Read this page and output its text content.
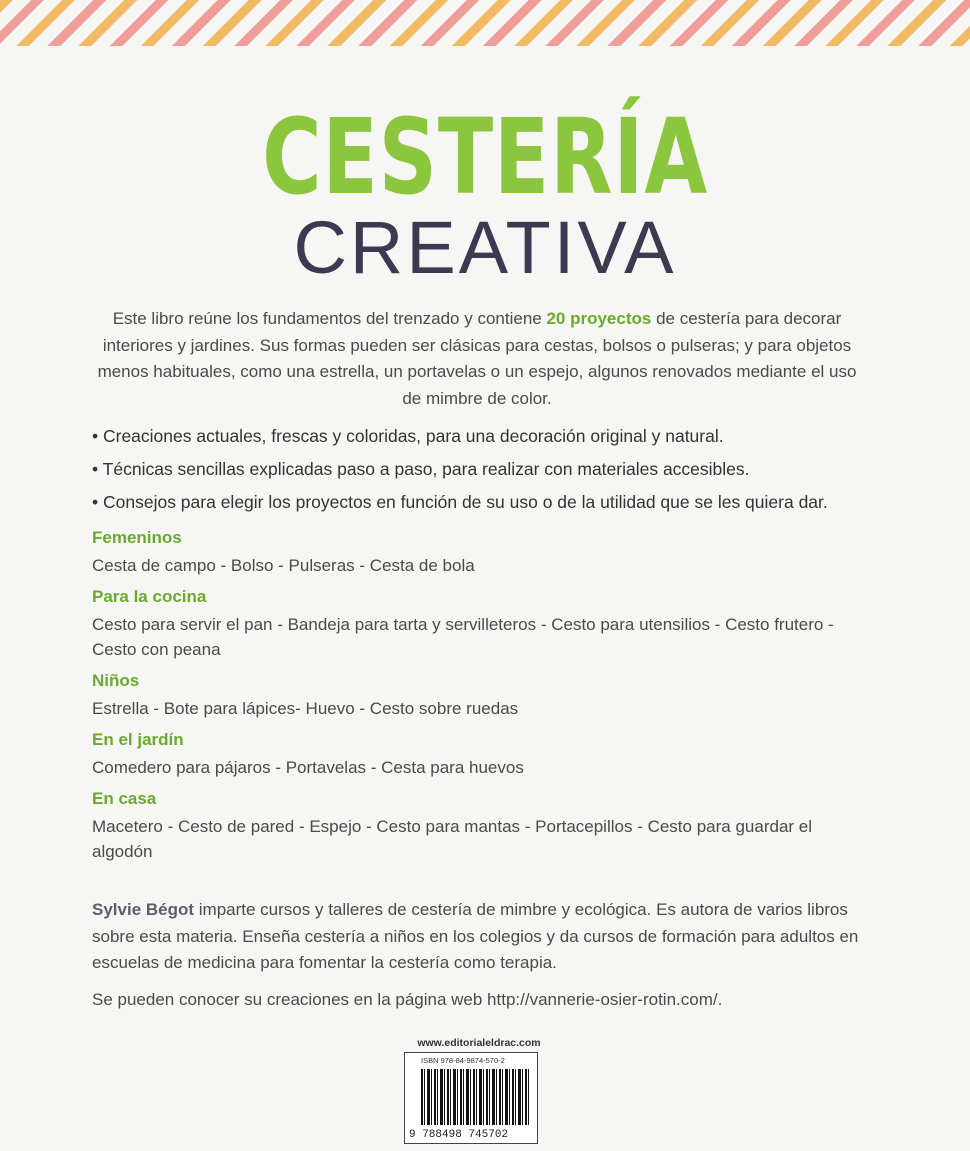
CESTERÍA
CREATIVA
Este libro reúne los fundamentos del trenzado y contiene 20 proyectos de cestería para decorar interiores y jardines. Sus formas pueden ser clásicas para cestas, bolsos o pulseras; y para objetos menos habituales, como una estrella, un portavelas o un espejo, algunos renovados mediante el uso de mimbre de color.
• Creaciones actuales, frescas y coloridas, para una decoración original y natural.
• Técnicas sencillas explicadas paso a paso, para realizar con materiales accesibles.
• Consejos para elegir los proyectos en función de su uso o de la utilidad que se les quiera dar.
Femeninos
Cesta de campo - Bolso - Pulseras - Cesta de bola
Para la cocina
Cesto para servir el pan - Bandeja para tarta y servilleteros - Cesto para utensilios - Cesto frutero - Cesto con peana
Niños
Estrella - Bote para lápices- Huevo - Cesto sobre ruedas
En el jardín
Comedero para pájaros - Portavelas - Cesta para huevos
En casa
Macetero - Cesto de pared - Espejo - Cesto para mantas - Portacepillos - Cesto para guardar el algodón

Sylvie Bégot imparte cursos y talleres de cestería de mimbre y ecológica. Es autora de varios libros sobre esta materia. Enseña cestería a niños en los colegios y da cursos de formación para adultos en escuelas de medicina para fomentar la cestería como terapia.

Se pueden conocer su creaciones en la página web http://vannerie-osier-rotin.com/.

www.editorialeldrac.com
ISBN 978-84-9874-570-2
9 788498 745702
